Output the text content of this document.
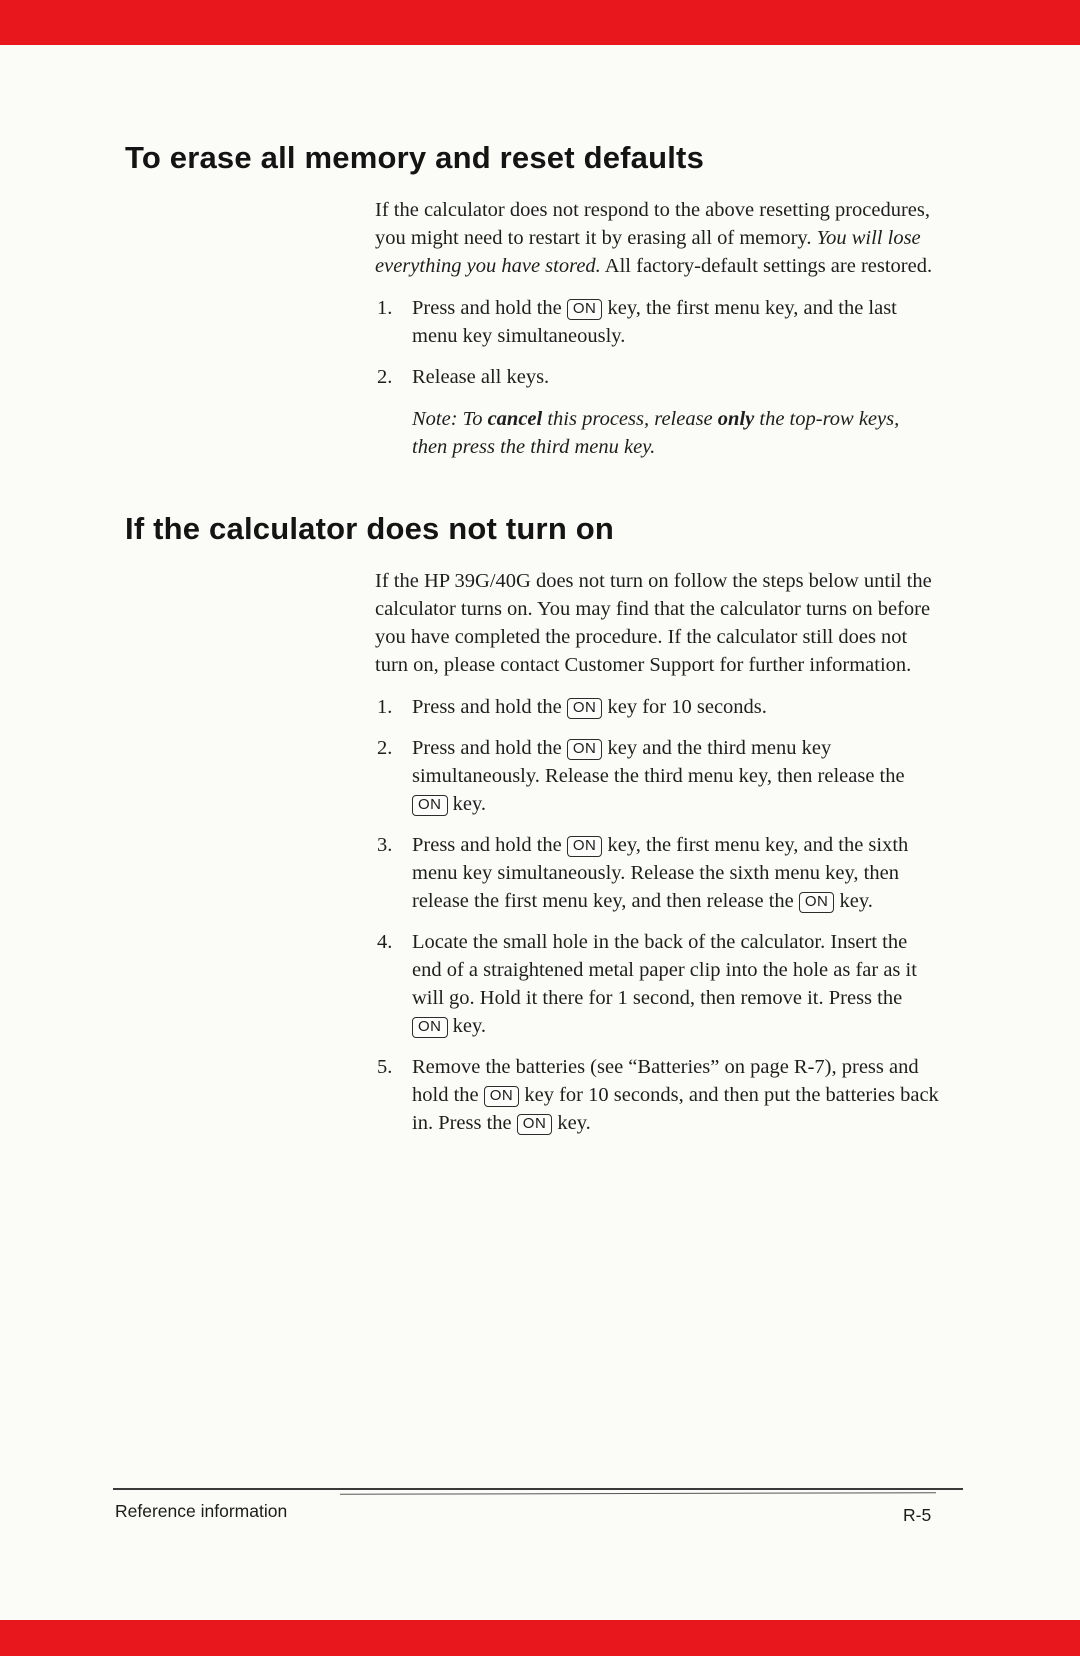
To erase all memory and reset defaults

If the calculator does not respond to the above resetting procedures, you might need to restart it by erasing all of memory. You will lose everything you have stored. All factory-default settings are restored.

1. Press and hold the ON key, the first menu key, and the last menu key simultaneously.
2. Release all keys.

Note: To cancel this process, release only the top-row keys, then press the third menu key.

If the calculator does not turn on

If the HP 39G/40G does not turn on follow the steps below until the calculator turns on. You may find that the calculator turns on before you have completed the procedure. If the calculator still does not turn on, please contact Customer Support for further information.

1. Press and hold the ON key for 10 seconds.
2. Press and hold the ON key and the third menu key simultaneously. Release the third menu key, then release the ON key.
3. Press and hold the ON key, the first menu key, and the sixth menu key simultaneously. Release the sixth menu key, then release the first menu key, and then release the ON key.
4. Locate the small hole in the back of the calculator. Insert the end of a straightened metal paper clip into the hole as far as it will go. Hold it there for 1 second, then remove it. Press the ON key.
5. Remove the batteries (see “Batteries” on page R-7), press and hold the ON key for 10 seconds, and then put the batteries back in. Press the ON key.
Reference information	R-5
